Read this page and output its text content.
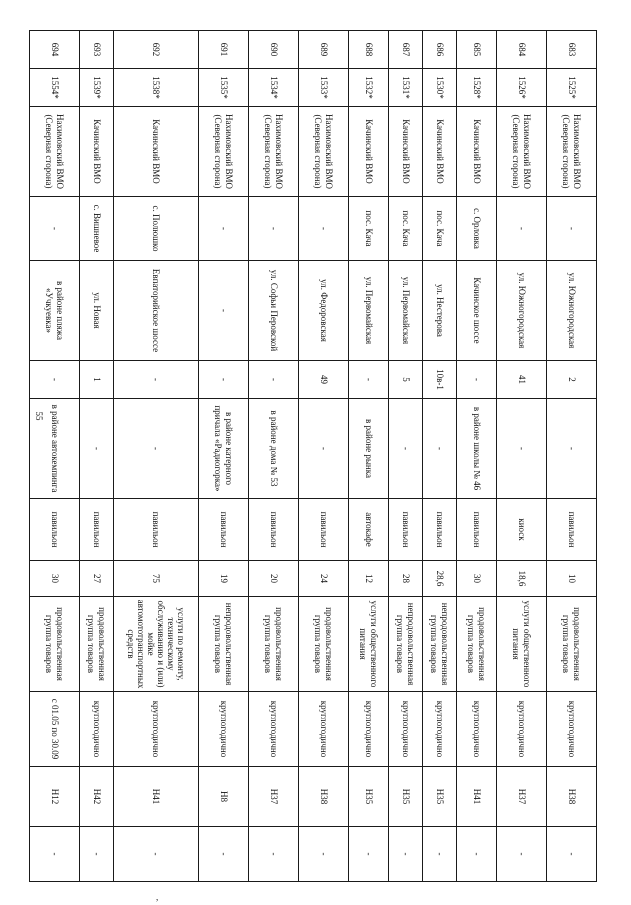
55
,
683	1525*	Нахимовский ВМО (Северная сторона)	-	ул. Южногородская	2	-	павильон	10	продовольственная группа товаров	круглогодично	Н38	-
684	1526*	Нахимовский ВМО (Северная сторона)	-	ул. Южногородская	41	-	киоск	18,6	услуги общественного питания	круглогодично	Н37	-
685	1528*	Качинский ВМО	с. Орловка	Качинское шоссе	-	в районе школы № 46	павильон	30	продовольственная группа товаров	круглогодично	Н41	-
686	1530*	Качинский ВМО	пос. Кача	ул. Нестерова	10в-1	-	павильон	28,6	непродовольственная группа товаров	круглогодично	Н35	-
687	1531*	Качинский ВМО	пос. Кача	ул. Первомайская	5	-	павильон	28	непродовольственная группа товаров	круглогодично	Н35	-
688	1532*	Качинский ВМО	пос. Кача	ул. Первомайская	-	в районе рынка	автокафе	12	услуги общественного питания	круглогодично	Н35	-
689	1533*	Нахимовский ВМО (Северная сторона)	-	ул. Федоровская	49	-	павильон	24	продовольственная группа товаров	круглогодично	Н38	-
690	1534*	Нахимовский ВМО (Северная сторона)	-	ул. Софьи Перовской	-	в районе дома № 53	павильон	20	продовольственная группа товаров	круглогодично	Н37	-
691	1535*	Нахимовский ВМО (Северная сторона)	-	-	-	в районе катерного причала «Радиогорка»	павильон	19	непродовольственная группа товаров	круглогодично	Н8	-
692	1538*	Качинский ВМО	с. Полюшко	Евпаторийское шоссе	-	-	павильон	75	услуги по ремонту, техническому обслуживанию и (или) мойке автомототранспортных средств	круглогодично	Н41	-
693	1539*	Качинский ВМО	с. Вишневое	ул. Новая	1	-	павильон	27	продовольственная группа товаров	круглогодично	Н42	-
694	1554*	Нахимовский ВМО (Северная сторона)	-	в районе пляжа «Учкуевка»	-	в районе автокемпинга	павильон	30	продовольственная группа товаров	с 01.05 по 30.09	Н12	-
